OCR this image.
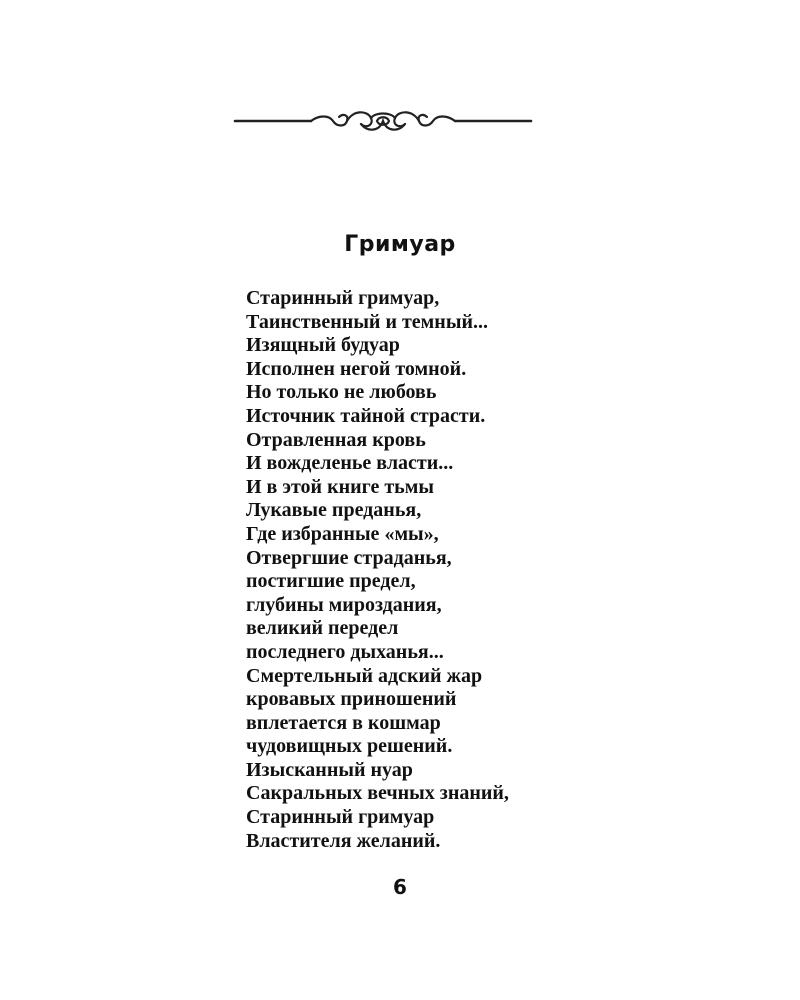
Гримуар
Старинный гримуар,
Таинственный и темный...
Изящный будуар
Исполнен негой томной.
Но только не любовь
Источник тайной страсти.
Отравленная кровь
И вожделенье власти...
И в этой книге тьмы
Лукавые преданья,
Где избранные «мы»,
Отвергшие страданья,
постигшие предел,
глубины мироздания,
великий передел
последнего дыханья...
Смертельный адский жар
кровавых приношений
вплетается в кошмар
чудовищных решений.
Изысканный нуар
Сакральных вечных знаний,
Старинный гримуар
Властителя желаний.
6
